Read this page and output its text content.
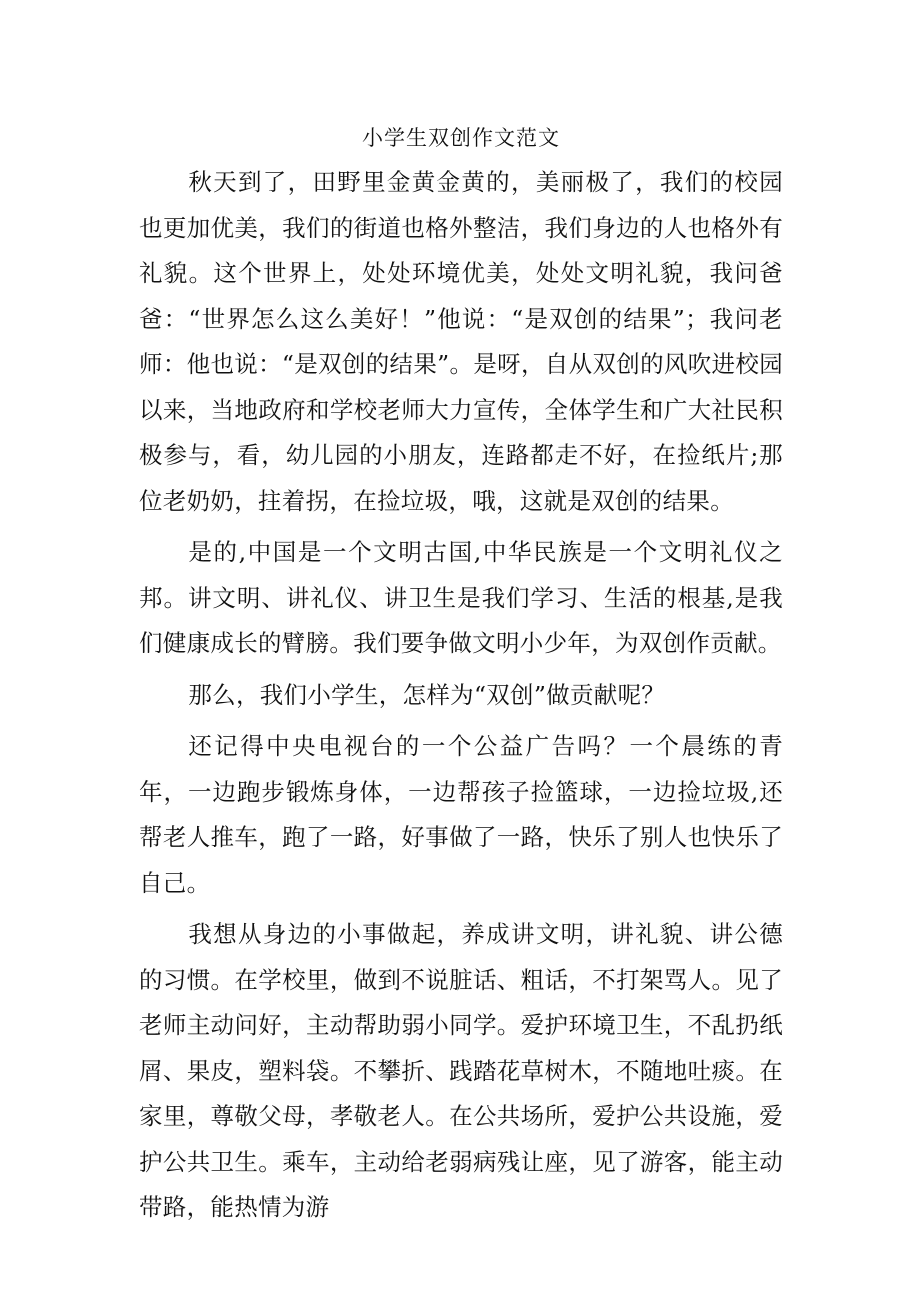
小学生双创作文范文

秋天到了，田野里金黄金黄的，美丽极了，我们的校园也更加优美，我们的街道也格外整洁，我们身边的人也格外有礼貌。这个世界上，处处环境优美，处处文明礼貌，我问爸爸：“世界怎么这么美好！”他说：“是双创的结果”；我问老师：他也说：“是双创的结果”。是呀，自从双创的风吹进校园以来，当地政府和学校老师大力宣传，全体学生和广大社民积极参与，看，幼儿园的小朋友，连路都走不好，在捡纸片;那位老奶奶，拄着拐，在捡垃圾，哦，这就是双创的结果。

是的,中国是一个文明古国,中华民族是一个文明礼仪之邦。讲文明、讲礼仪、讲卫生是我们学习、生活的根基,是我们健康成长的臂膀。我们要争做文明小少年，为双创作贡献。

那么，我们小学生，怎样为“双创”做贡献呢？

还记得中央电视台的一个公益广告吗？一个晨练的青年，一边跑步锻炼身体，一边帮孩子捡篮球，一边捡垃圾,还帮老人推车，跑了一路，好事做了一路，快乐了别人也快乐了自己。

我想从身边的小事做起，养成讲文明，讲礼貌、讲公德的习惯。在学校里，做到不说脏话、粗话，不打架骂人。见了老师主动问好，主动帮助弱小同学。爱护环境卫生，不乱扔纸屑、果皮，塑料袋。不攀折、践踏花草树木，不随地吐痰。在家里，尊敬父母，孝敬老人。在公共场所，爱护公共设施，爱护公共卫生。乘车，主动给老弱病残让座，见了游客，能主动带路，能热情为游
